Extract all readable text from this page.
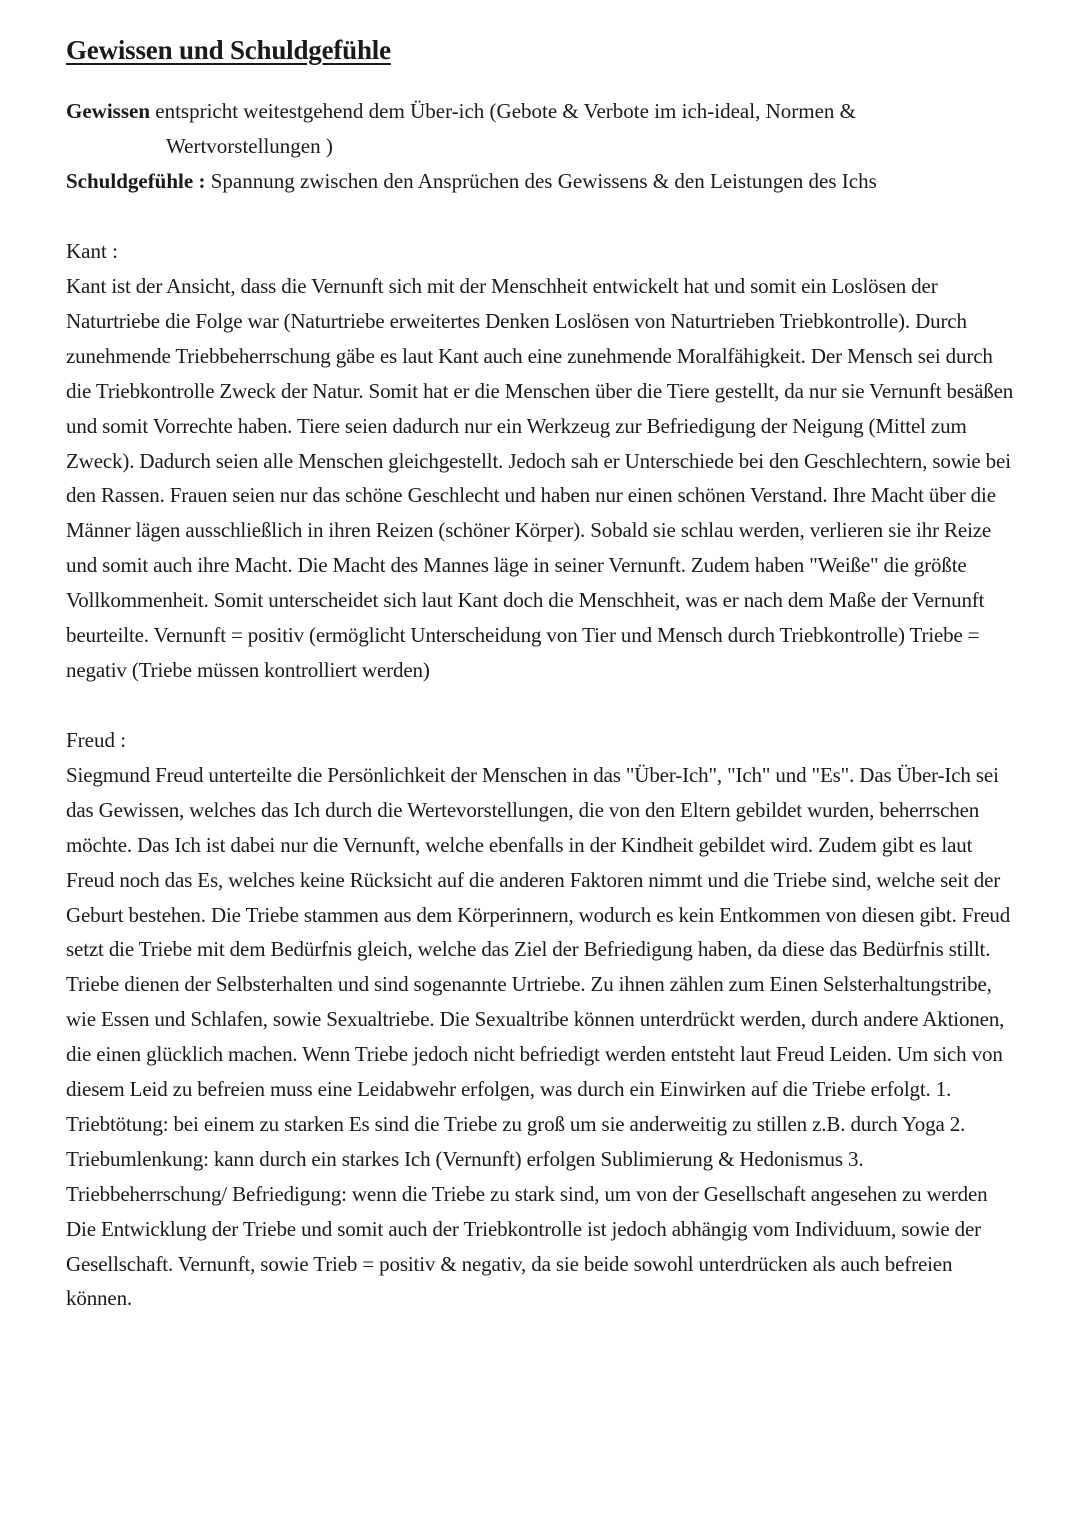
Gewissen und Schuldgefühle

Gewissen entspricht weitestgehend dem Über-ich (Gebote & Verbote im ich-ideal, Normen &

Wertvorstellungen )

Schuldgefühle : Spannung zwischen den Ansprüchen des Gewissens & den Leistungen des Ichs

Kant :

Kant ist der Ansicht, dass die Vernunft sich mit der Menschheit entwickelt hat und somit ein Loslösen der Naturtriebe die Folge war (Naturtriebe erweitertes Denken Loslösen von Naturtrieben Triebkontrolle). Durch zunehmende Triebbeherrschung gäbe es laut Kant auch eine zunehmende Moralfähigkeit. Der Mensch sei durch die Triebkontrolle Zweck der Natur. Somit hat er die Menschen über die Tiere gestellt, da nur sie Vernunft besäßen und somit Vorrechte haben. Tiere seien dadurch nur ein Werkzeug zur Befriedigung der Neigung (Mittel zum Zweck). Dadurch seien alle Menschen gleichgestellt. Jedoch sah er Unterschiede bei den Geschlechtern, sowie bei den Rassen. Frauen seien nur das schöne Geschlecht und haben nur einen schönen Verstand. Ihre Macht über die Männer lägen ausschließlich in ihren Reizen (schöner Körper). Sobald sie schlau werden, verlieren sie ihr Reize und somit auch ihre Macht. Die Macht des Mannes läge in seiner Vernunft. Zudem haben "Weiße" die größte Vollkommenheit. Somit unterscheidet sich laut Kant doch die Menschheit, was er nach dem Maße der Vernunft beurteilte. Vernunft = positiv (ermöglicht Unterscheidung von Tier und Mensch durch Triebkontrolle) Triebe = negativ (Triebe müssen kontrolliert werden)

Freud :

Siegmund Freud unterteilte die Persönlichkeit der Menschen in das "Über-Ich", "Ich" und "Es". Das Über-Ich sei das Gewissen, welches das Ich durch die Wertevorstellungen, die von den Eltern gebildet wurden, beherrschen möchte. Das Ich ist dabei nur die Vernunft, welche ebenfalls in der Kindheit gebildet wird. Zudem gibt es laut Freud noch das Es, welches keine Rücksicht auf die anderen Faktoren nimmt und die Triebe sind, welche seit der Geburt bestehen. Die Triebe stammen aus dem Körperinnern, wodurch es kein Entkommen von diesen gibt. Freud setzt die Triebe mit dem Bedürfnis gleich, welche das Ziel der Befriedigung haben, da diese das Bedürfnis stillt. Triebe dienen der Selbsterhalten und sind sogenannte Urtriebe. Zu ihnen zählen zum Einen Selsterhaltungstribe, wie Essen und Schlafen, sowie Sexualtriebe. Die Sexualtribe können unterdrückt werden, durch andere Aktionen, die einen glücklich machen. Wenn Triebe jedoch nicht befriedigt werden entsteht laut Freud Leiden. Um sich von diesem Leid zu befreien muss eine Leidabwehr erfolgen, was durch ein Einwirken auf die Triebe erfolgt. 1. Triebtötung: bei einem zu starken Es sind die Triebe zu groß um sie anderweitig zu stillen z.B. durch Yoga 2. Triebumlenkung: kann durch ein starkes Ich (Vernunft) erfolgen Sublimierung & Hedonismus 3. Triebbeherrschung/ Befriedigung: wenn die Triebe zu stark sind, um von der Gesellschaft angesehen zu werden Die Entwicklung der Triebe und somit auch der Triebkontrolle ist jedoch abhängig vom Individuum, sowie der Gesellschaft. Vernunft, sowie Trieb = positiv & negativ, da sie beide sowohl unterdrücken als auch befreien können.
